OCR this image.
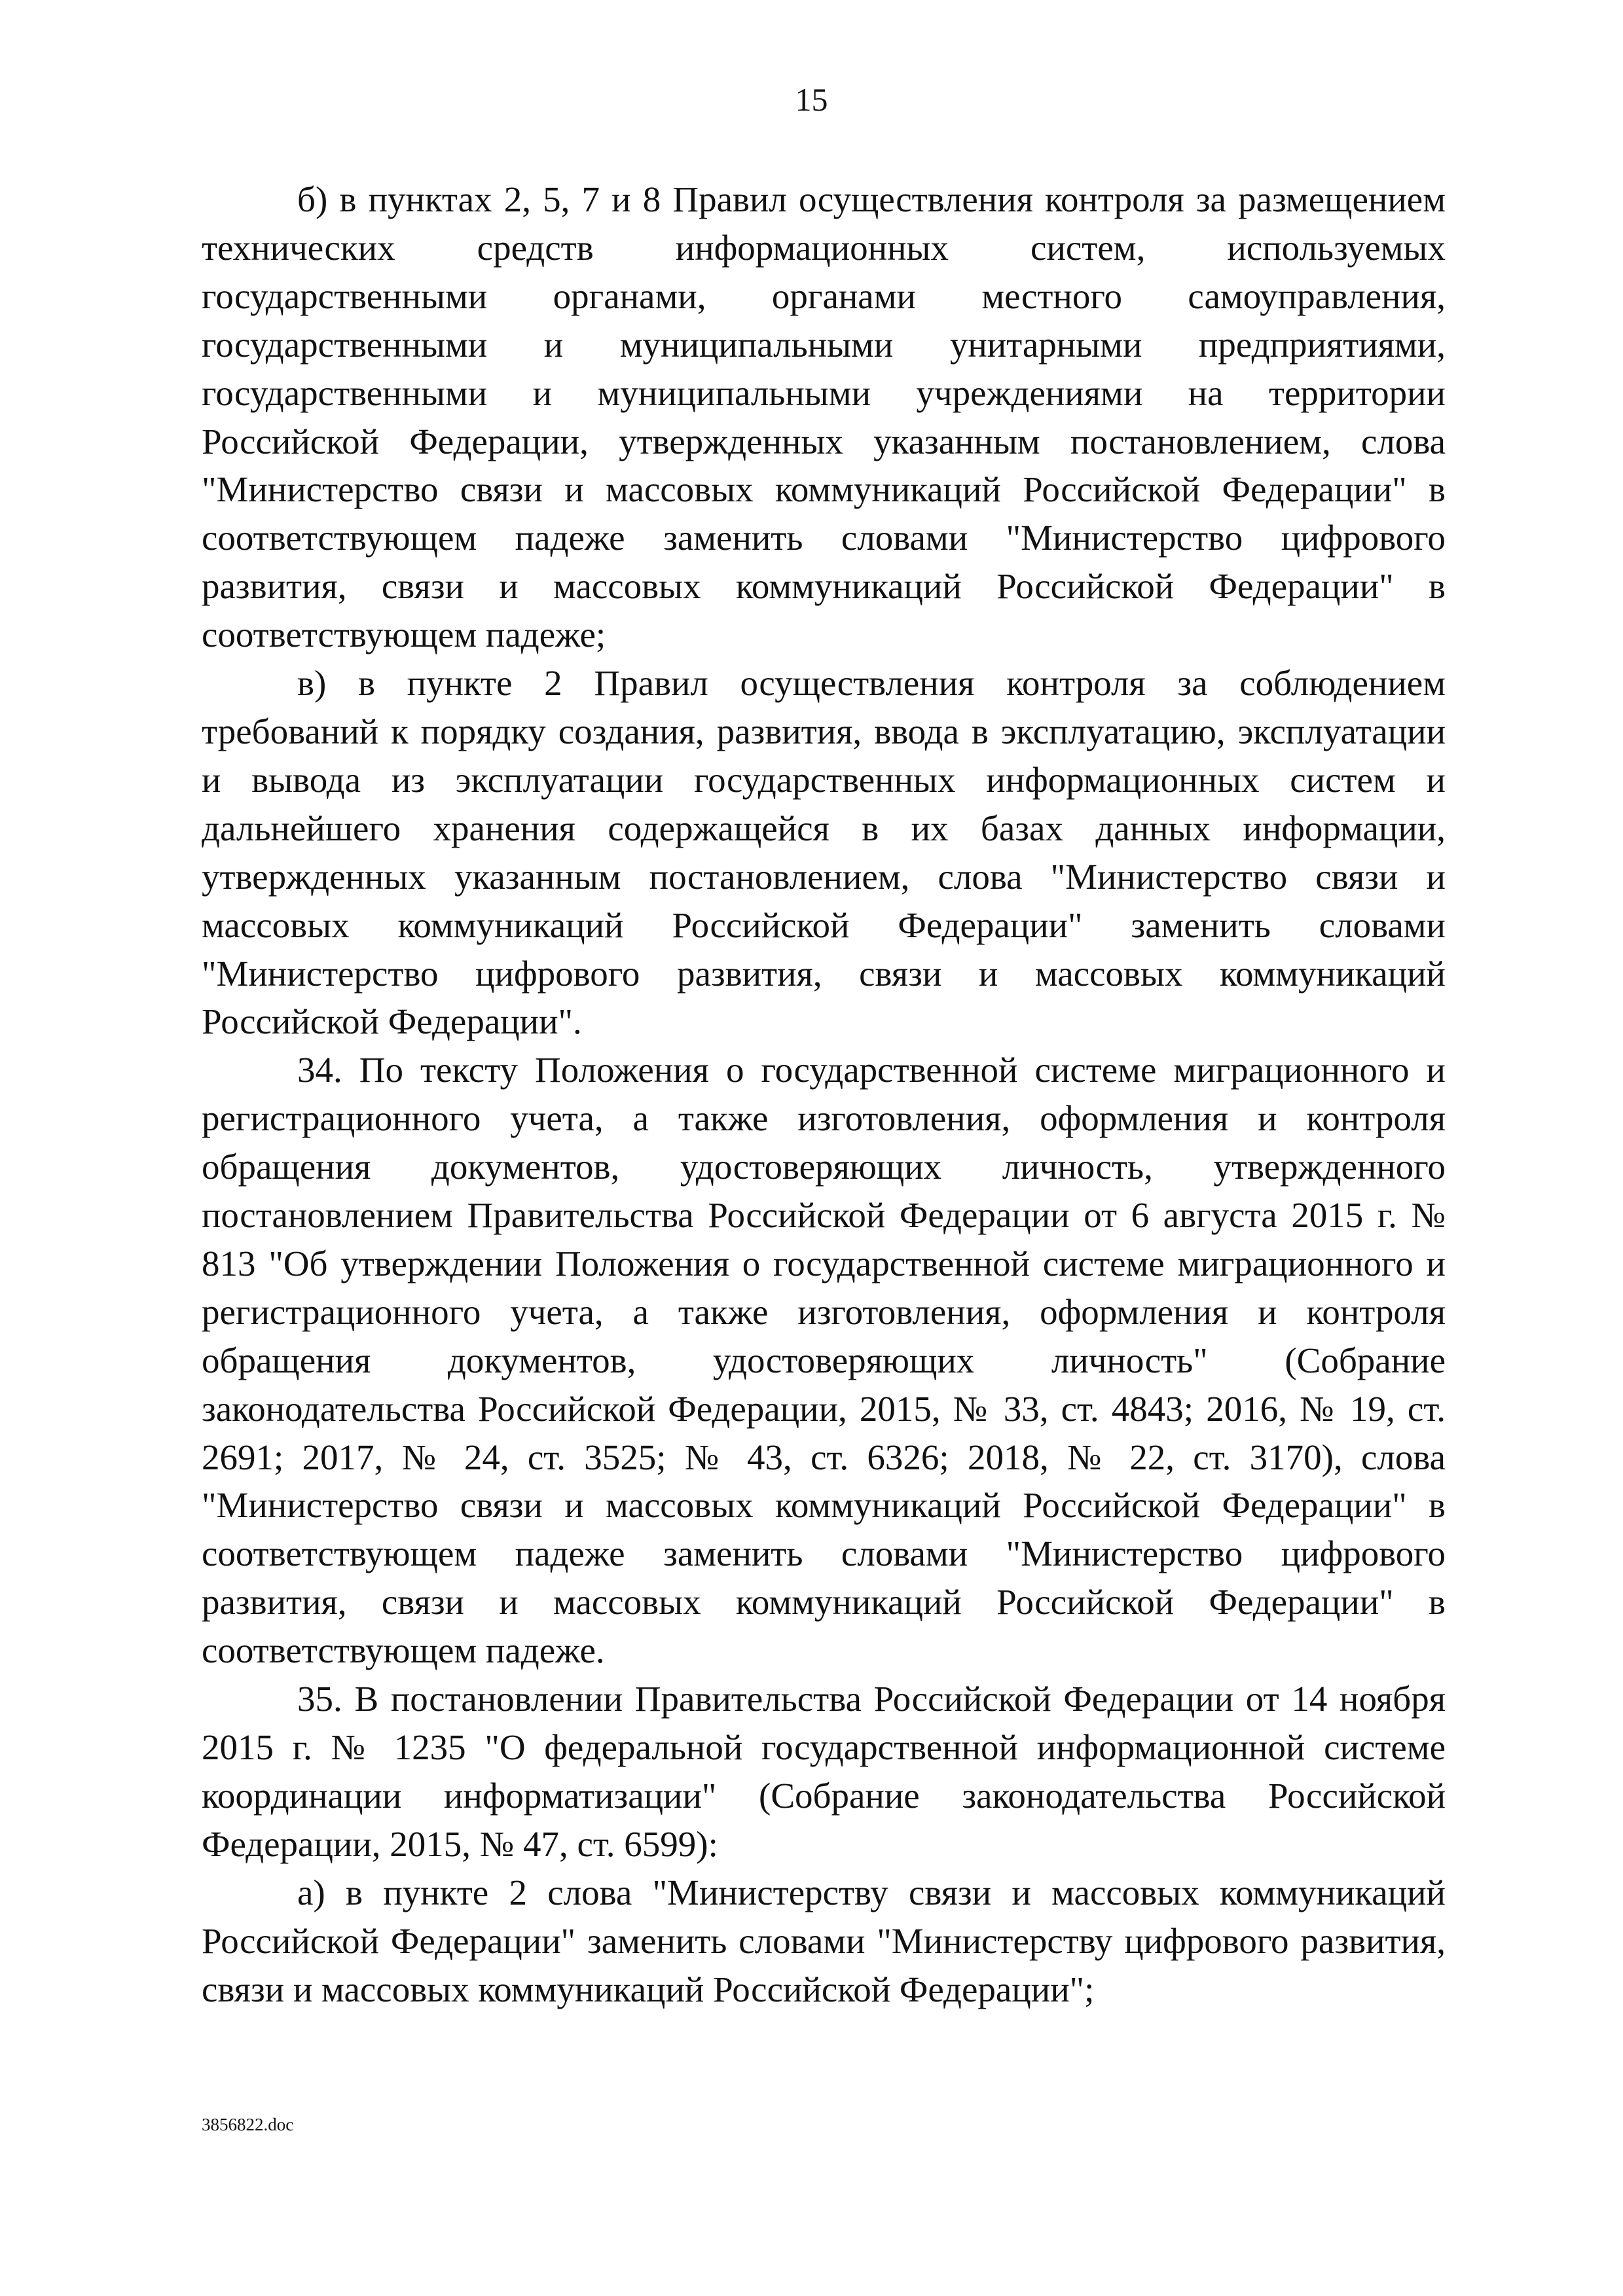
15

б) в пунктах 2, 5, 7 и 8 Правил осуществления контроля за размещением технических средств информационных систем, используемых государственными органами, органами местного самоуправления, государственными и муниципальными унитарными предприятиями, государственными и муниципальными учреждениями на территории Российской Федерации, утвержденных указанным постановлением, слова "Министерство связи и массовых коммуникаций Российской Федерации" в соответствующем падеже заменить словами "Министерство цифрового развития, связи и массовых коммуникаций Российской Федерации" в соответствующем падеже;

в) в пункте 2 Правил осуществления контроля за соблюдением требований к порядку создания, развития, ввода в эксплуатацию, эксплуатации и вывода из эксплуатации государственных информационных систем и дальнейшего хранения содержащейся в их базах данных информации, утвержденных указанным постановлением, слова "Министерство связи и массовых коммуникаций Российской Федерации" заменить словами "Министерство цифрового развития, связи и массовых коммуникаций Российской Федерации".

34. По тексту Положения о государственной системе миграционного и регистрационного учета, а также изготовления, оформления и контроля обращения документов, удостоверяющих личность, утвержденного постановлением Правительства Российской Федерации от 6 августа 2015 г. № 813 "Об утверждении Положения о государственной системе миграционного и регистрационного учета, а также изготовления, оформления и контроля обращения документов, удостоверяющих личность" (Собрание законодательства Российской Федерации, 2015, № 33, ст. 4843; 2016, № 19, ст. 2691; 2017, № 24, ст. 3525; № 43, ст. 6326; 2018, № 22, ст. 3170), слова "Министерство связи и массовых коммуникаций Российской Федерации" в соответствующем падеже заменить словами "Министерство цифрового развития, связи и массовых коммуникаций Российской Федерации" в соответствующем падеже.

35. В постановлении Правительства Российской Федерации от 14 ноября 2015 г. № 1235 "О федеральной государственной информационной системе координации информатизации" (Собрание законодательства Российской Федерации, 2015, № 47, ст. 6599):

а) в пункте 2 слова "Министерству связи и массовых коммуникаций Российской Федерации" заменить словами "Министерству цифрового развития, связи и массовых коммуникаций Российской Федерации";

3856822.doc
